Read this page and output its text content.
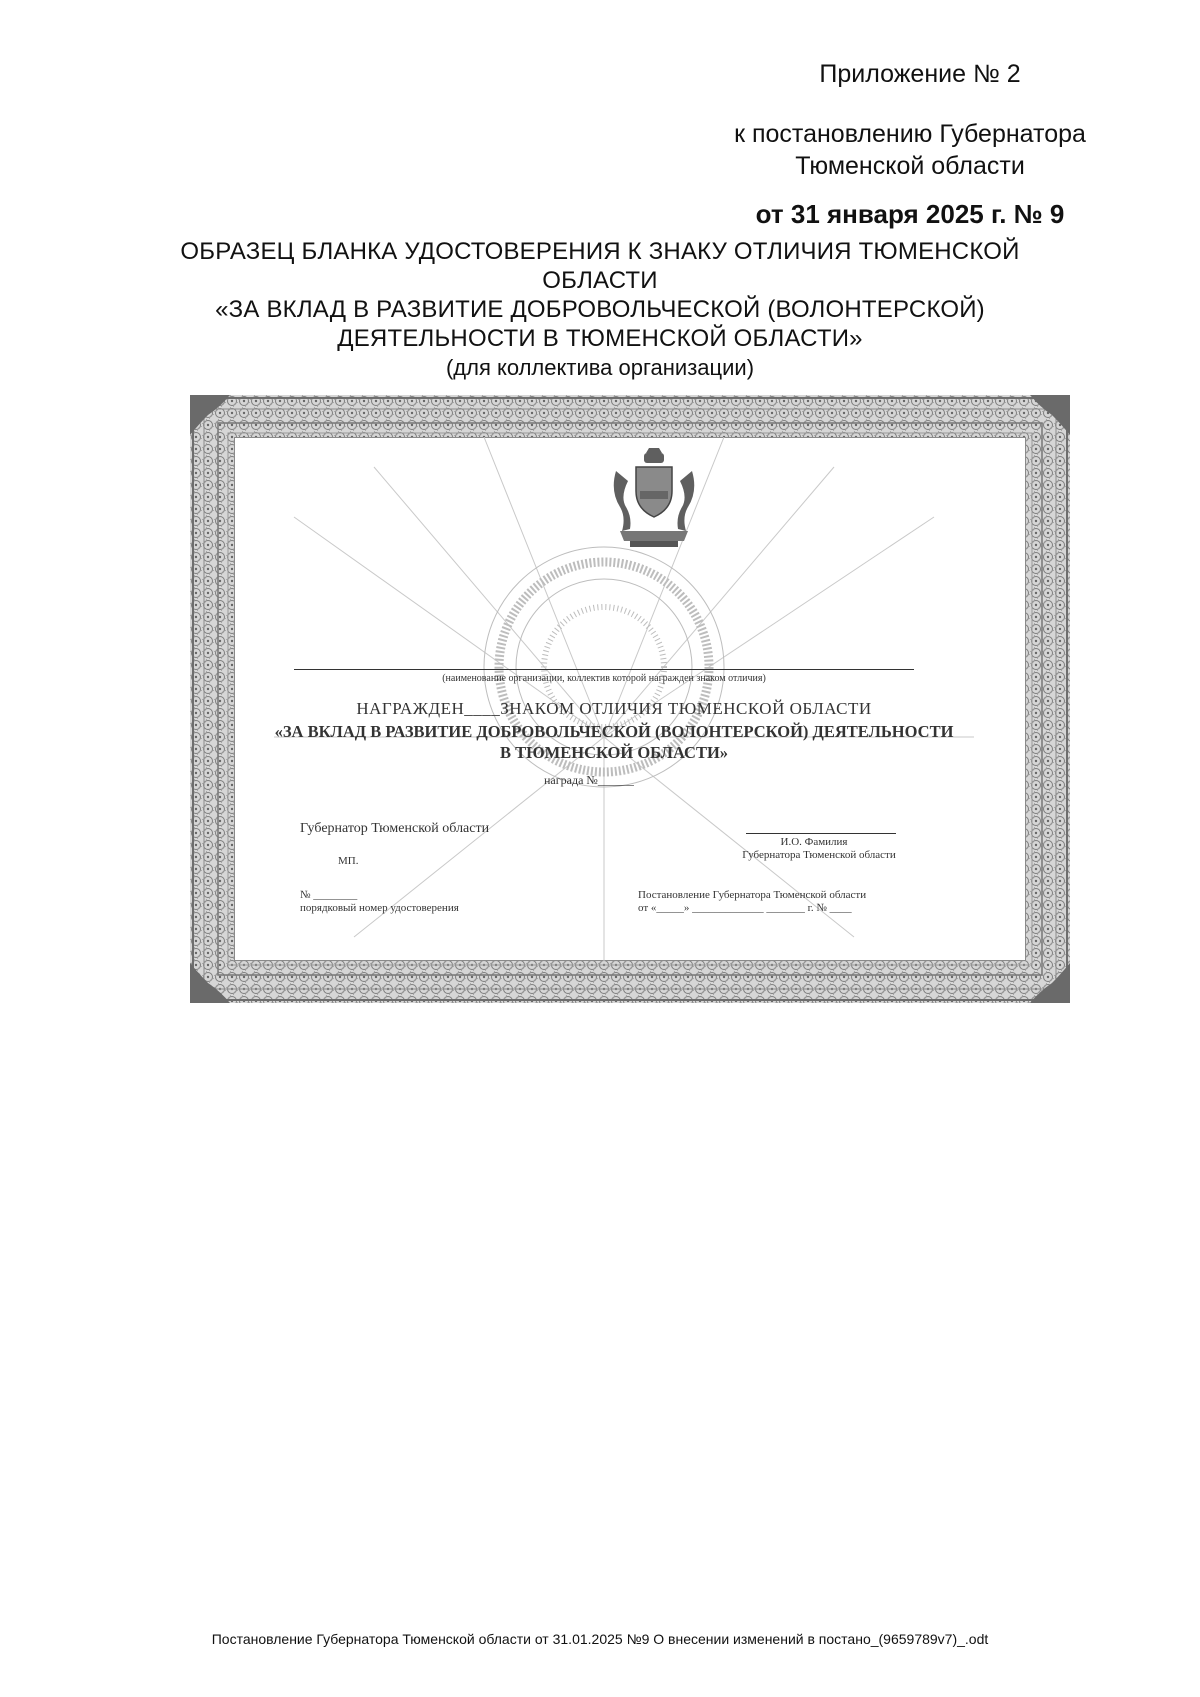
Приложение № 2
к постановлению Губернатора
Тюменской области
от 31 января 2025 г. № 9
ОБРАЗЕЦ БЛАНКА УДОСТОВЕРЕНИЯ К ЗНАКУ ОТЛИЧИЯ ТЮМЕНСКОЙ ОБЛАСТИ
«ЗА ВКЛАД В РАЗВИТИЕ ДОБРОВОЛЬЧЕСКОЙ (ВОЛОНТЕРСКОЙ)
ДЕЯТЕЛЬНОСТИ В ТЮМЕНСКОЙ ОБЛАСТИ»
(для коллектива организации)
(наименование организации, коллектив которой награжден знаком отличия)
НАГРАЖДЕН____ЗНАКОМ ОТЛИЧИЯ ТЮМЕНСКОЙ ОБЛАСТИ
«ЗА ВКЛАД В РАЗВИТИЕ ДОБРОВОЛЬЧЕСКОЙ (ВОЛОНТЕРСКОЙ) ДЕЯТЕЛЬНОСТИ
В ТЮМЕНСКОЙ ОБЛАСТИ»
награда №______
Губернатор Тюменской области
МП.
И.О. Фамилия
Губернатора Тюменской области
№ ________
порядковый номер удостоверения
Постановление Губернатора Тюменской области
от «_____» _____________ _______ г. № ____
Постановление Губернатора Тюменской области от 31.01.2025 №9 О внесении изменений в постано_(9659789v7)_.odt
